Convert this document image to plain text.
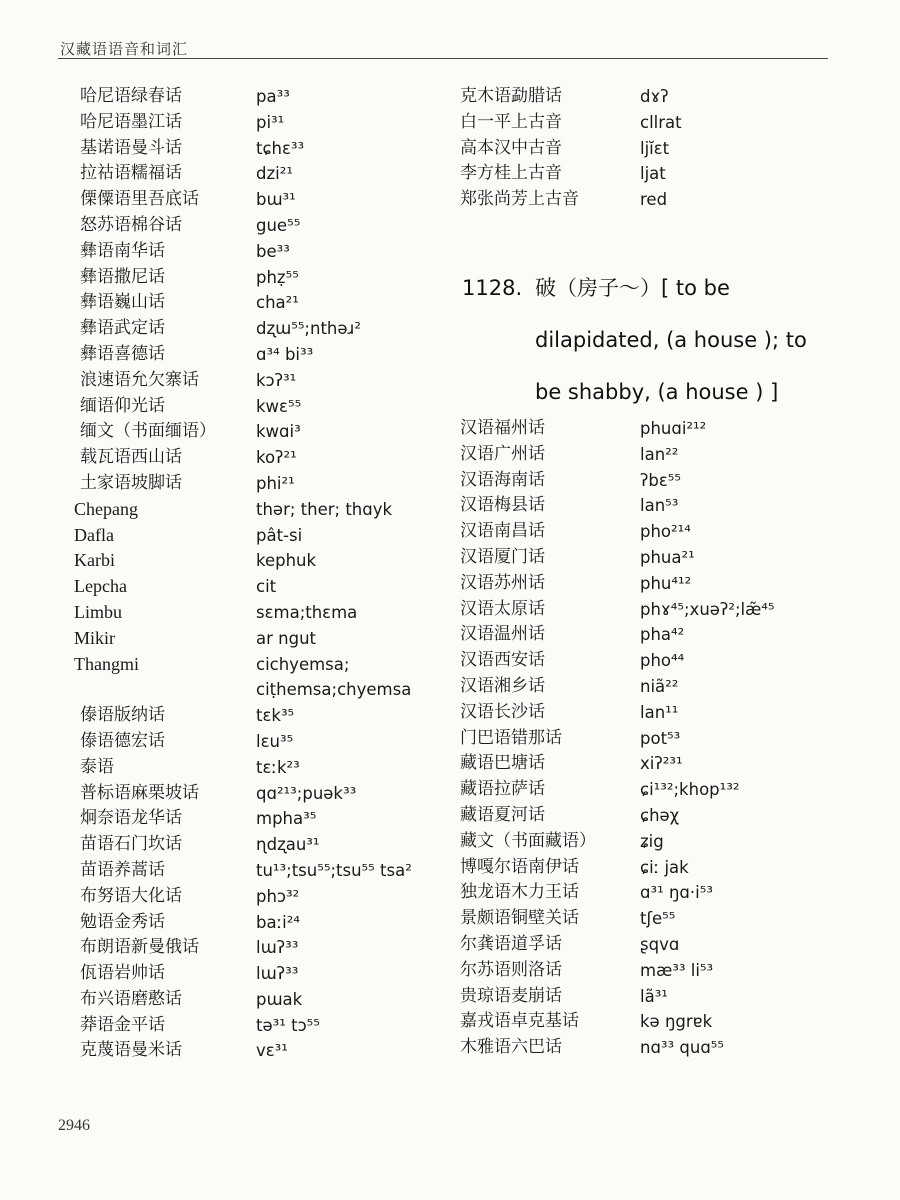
汉藏语语音和词汇
哈尼语绿春话	pa³³
哈尼语墨江话	pi³¹
基诺语曼斗话	tɕhɛ³³
拉祜语糯福话	dzi²¹
傈僳语里吾底话	bɯ³¹
怒苏语棉谷话	gue⁵⁵
彝语南华话	be³³
彝语撒尼话	phẓ⁵⁵
彝语巍山话	cha²¹
彝语武定话	dʐɯ⁵⁵;nthəɹ²
彝语喜德话	ɑ³⁴ bi³³
浪速语允欠寨话	kɔʔ³¹
缅语仰光话	kwɛ⁵⁵
缅文（书面缅语） kwɑi³
载瓦语西山话	koʔ²¹
土家语坡脚话	phi²¹
Chepang	thər; ther; thɑyk
Dafla	pât-si
Karbi	kephuk
Lepcha	cit
Limbu	sɛma;thɛma
Mikir	ar ngut
Thangmi	cichyemsa;
ciṭhemsa;chyemsa
傣语版纳话	tɛk³⁵
傣语德宏话	lɛu³⁵
泰语	tɛːk²³
普标语麻栗坡话	qɑ²¹³;puək³³
炯奈语龙华话	mpha³⁵
苗语石门坎话	ɳdʐau³¹
苗语养蒿话	tu¹³;tsu⁵⁵;tsu⁵⁵ tsa²
布努语大化话	phɔ³²
勉语金秀话	baːi²⁴
布朗语新曼俄话	lɯʔ³³
佤语岩帅话	lɯʔ³³
布兴语磨憨话	pɯak
莽语金平话	tə³¹ tɔ⁵⁵
克蔑语曼米话	vɛ³¹
克木语勐腊话	dɤʔ
白一平上古音	cllrat
高本汉中古音	ljĭɛt
李方桂上古音	ljat
郑张尚芳上古音	red
1128. 破（房子～）[ to be dilapidated, (a house ); to be shabby, (a house ) ]
汉语福州话	phuɑi²¹²
汉语广州话	lan²²
汉语海南话	ʔbɛ⁵⁵
汉语梅县话	lan⁵³
汉语南昌话	pho²¹⁴
汉语厦门话	phua²¹
汉语苏州话	phu⁴¹²
汉语太原话	phɤ⁴⁵;xuəʔ²;læ̃⁴⁵
汉语温州话	pha⁴²
汉语西安话	pho⁴⁴
汉语湘乡话	niã²²
汉语长沙话	lan¹¹
门巴语错那话	pot⁵³
藏语巴塘话	xiʔ²³¹
藏语拉萨话	ɕi¹³²;khop¹³²
藏语夏河话	ɕhəχ
藏文（书面藏语）	ʑig
博嘎尔语南伊话	ɕiː jak
独龙语木力王话	ɑ³¹ ŋɑ·i⁵³
景颇语铜壁关话	tʃe⁵⁵
尔龚语道孚话	ʂqvɑ
尔苏语则洛话	mæ³³ li⁵³
贵琼语麦崩话	lã³¹
嘉戎语卓克基话	kə ŋgrɐk
木雅语六巴话	nɑ³³ quɑ⁵⁵
2946
